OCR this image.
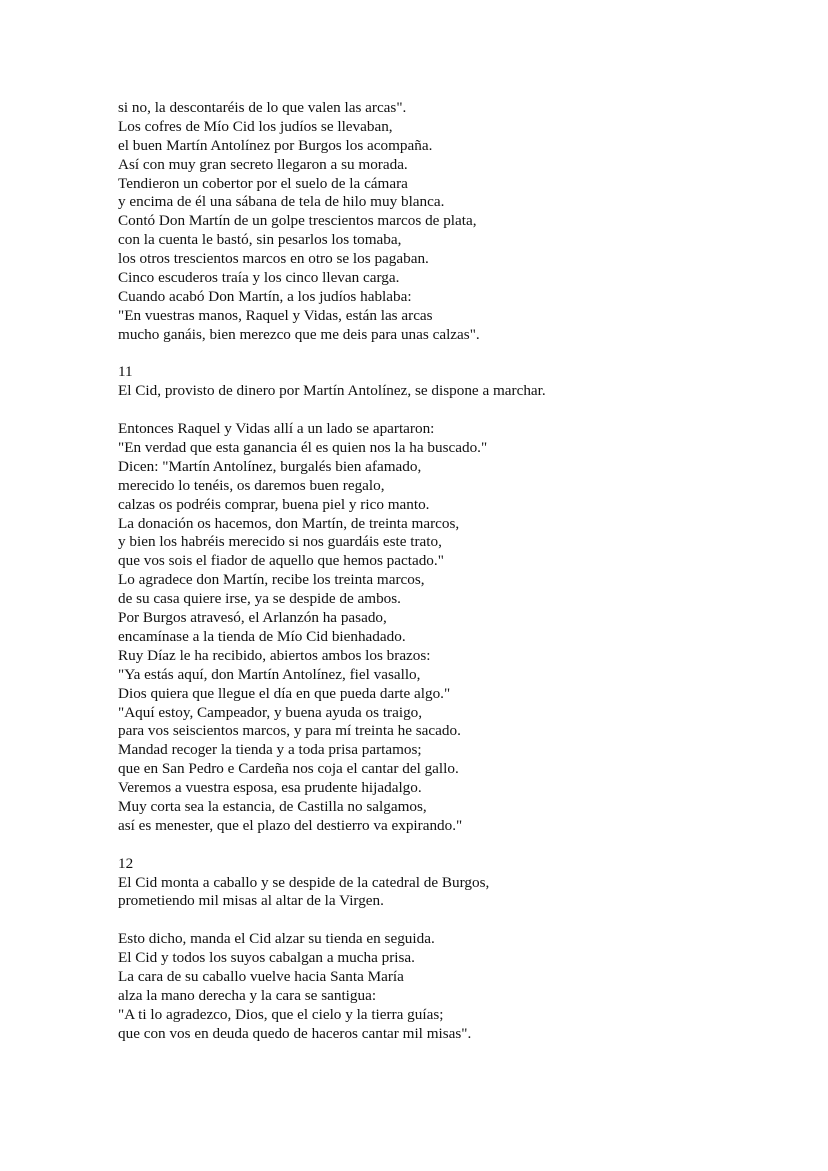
si no, la descontaréis de lo que valen las arcas".
Los cofres de Mío Cid los judíos se llevaban,
el buen Martín Antolínez por Burgos los acompaña.
Así con muy gran secreto llegaron a su morada.
Tendieron un cobertor por el suelo de la cámara
y encima de él una sábana de tela de hilo muy blanca.
Contó Don Martín de un golpe trescientos marcos de plata,
con la cuenta le bastó, sin pesarlos los tomaba,
los otros trescientos marcos en otro se los pagaban.
Cinco escuderos traía y los cinco llevan carga.
Cuando acabó Don Martín, a los judíos hablaba:
"En vuestras manos, Raquel y Vidas, están las arcas
mucho ganáis, bien merezco que me deis para unas calzas".
11
El Cid, provisto de dinero por Martín Antolínez, se dispone a marchar.
Entonces Raquel y Vidas allí a un lado se apartaron:
"En verdad que esta ganancia él es quien nos la ha buscado."
Dicen: "Martín Antolínez, burgalés bien afamado,
merecido lo tenéis, os daremos buen regalo,
calzas os podréis comprar, buena piel y rico manto.
La donación os hacemos, don Martín, de treinta marcos,
y bien los habréis merecido si nos guardáis este trato,
que vos sois el fiador de aquello que hemos pactado."
Lo agradece don Martín, recibe los treinta marcos,
de su casa quiere irse, ya se despide de ambos.
Por Burgos atravesó, el Arlanzón ha pasado,
encamínase a la tienda de Mío Cid bienhadado.
Ruy Díaz le ha recibido, abiertos ambos los brazos:
"Ya estás aquí, don Martín Antolínez, fiel vasallo,
Dios quiera que llegue el día en que pueda darte algo."
"Aquí estoy, Campeador, y buena ayuda os traigo,
para vos seiscientos marcos, y para mí treinta he sacado.
Mandad recoger la tienda y a toda prisa partamos;
que en San Pedro e Cardeña nos coja el cantar del gallo.
Veremos a vuestra esposa, esa prudente hijadalgo.
Muy corta sea la estancia, de Castilla no salgamos,
así es menester, que el plazo del destierro va expirando."
12
El Cid monta a caballo y se despide de la catedral de Burgos,
prometiendo mil misas al altar de la Virgen.
Esto dicho, manda el Cid alzar su tienda en seguida.
El Cid y todos los suyos cabalgan a mucha prisa.
La cara de su caballo vuelve hacia Santa María
alza la mano derecha y la cara se santigua:
"A ti lo agradezco, Dios, que el cielo y la tierra guías;
que con vos en deuda quedo de haceros cantar mil misas".
